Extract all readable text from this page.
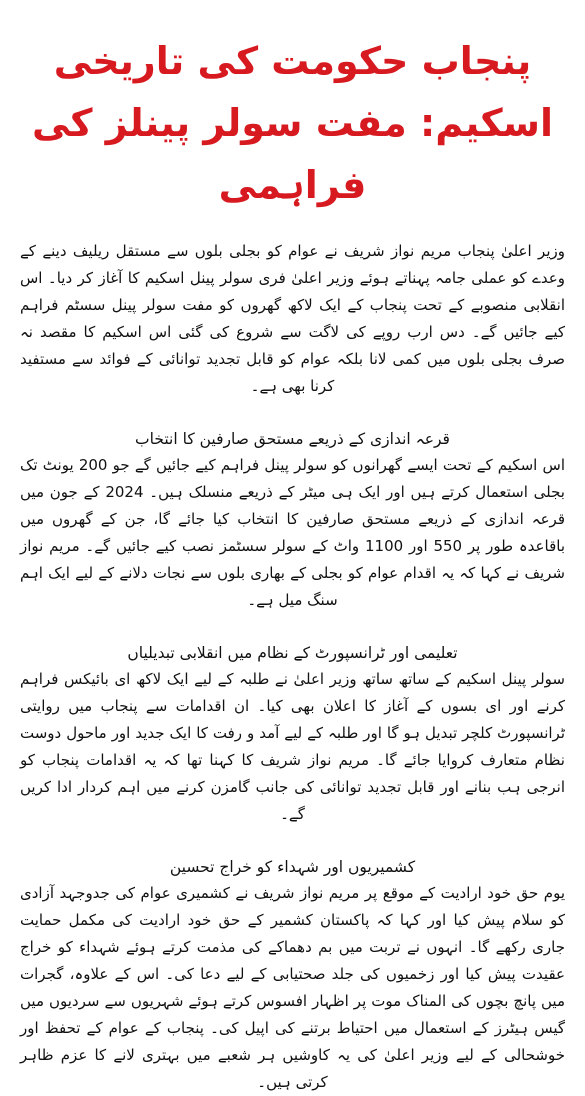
پنجاب حکومت کی تاریخی اسکیم: مفت سولر پینلز کی فراہمی

وزیر اعلیٰ پنجاب مریم نواز شریف نے عوام کو بجلی بلوں سے مستقل ریلیف دینے کے وعدے کو عملی جامہ پہناتے ہوئے وزیر اعلیٰ فری سولر پینل اسکیم کا آغاز کر دیا۔ اس انقلابی منصوبے کے تحت پنجاب کے ایک لاکھ گھروں کو مفت سولر پینل سسٹم فراہم کیے جائیں گے۔ دس ارب روپے کی لاگت سے شروع کی گئی اس اسکیم کا مقصد نہ صرف بجلی بلوں میں کمی لانا بلکہ عوام کو قابل تجدید توانائی کے فوائد سے مستفید کرنا بھی ہے۔

قرعہ اندازی کے ذریعے مستحق صارفین کا انتخاب

اس اسکیم کے تحت ایسے گھرانوں کو سولر پینل فراہم کیے جائیں گے جو 200 یونٹ تک بجلی استعمال کرتے ہیں اور ایک ہی میٹر کے ذریعے منسلک ہیں۔ 2024 کے جون میں قرعہ اندازی کے ذریعے مستحق صارفین کا انتخاب کیا جائے گا، جن کے گھروں میں باقاعدہ طور پر 550 اور 1100 واٹ کے سولر سسٹمز نصب کیے جائیں گے۔ مریم نواز شریف نے کہا کہ یہ اقدام عوام کو بجلی کے بھاری بلوں سے نجات دلانے کے لیے ایک اہم سنگ میل ہے۔

تعلیمی اور ٹرانسپورٹ کے نظام میں انقلابی تبدیلیاں

سولر پینل اسکیم کے ساتھ ساتھ وزیر اعلیٰ نے طلبہ کے لیے ایک لاکھ ای بائیکس فراہم کرنے اور ای بسوں کے آغاز کا اعلان بھی کیا۔ ان اقدامات سے پنجاب میں روایتی ٹرانسپورٹ کلچر تبدیل ہو گا اور طلبہ کے لیے آمد و رفت کا ایک جدید اور ماحول دوست نظام متعارف کروایا جائے گا۔ مریم نواز شریف کا کہنا تھا کہ یہ اقدامات پنجاب کو انرجی ہب بنانے اور قابل تجدید توانائی کی جانب گامزن کرنے میں اہم کردار ادا کریں گے۔

کشمیریوں اور شہداء کو خراج تحسین

یوم حق خود ارادیت کے موقع پر مریم نواز شریف نے کشمیری عوام کی جدوجہد آزادی کو سلام پیش کیا اور کہا کہ پاکستان کشمیر کے حق خود ارادیت کی مکمل حمایت جاری رکھے گا۔ انہوں نے تربت میں بم دھماکے کی مذمت کرتے ہوئے شہداء کو خراج عقیدت پیش کیا اور زخمیوں کی جلد صحتیابی کے لیے دعا کی۔ اس کے علاوہ، گجرات میں پانچ بچوں کی المناک موت پر اظہار افسوس کرتے ہوئے شہریوں سے سردیوں میں گیس ہیٹرز کے استعمال میں احتیاط برتنے کی اپیل کی۔ پنجاب کے عوام کے تحفظ اور خوشحالی کے لیے وزیر اعلیٰ کی یہ کاوشیں ہر شعبے میں بہتری لانے کا عزم ظاہر کرتی ہیں۔
